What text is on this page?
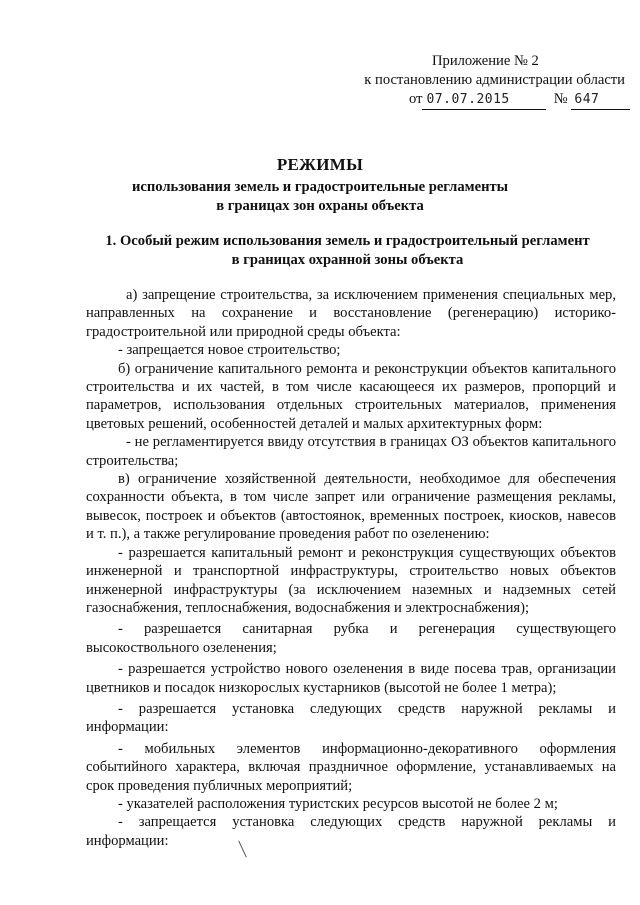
Приложение № 2
к постановлению администрации области
от 07.07.2015	№ 647
РЕЖИМЫ
использования земель и градостроительные регламенты
в границах зон охраны объекта
1. Особый режим использования земель и градостроительный регламент
в границах охранной зоны объекта

а) запрещение строительства, за исключением применения специальных мер, направленных на сохранение и восстановление (регенерацию) историко-градостроительной или природной среды объекта:

- запрещается новое строительство;

б) ограничение капитального ремонта и реконструкции объектов капитального строительства и их частей, в том числе касающееся их размеров, пропорций и параметров, использования отдельных строительных материалов, применения цветовых решений, особенностей деталей и малых архитектурных форм:

- не регламентируется ввиду отсутствия в границах ОЗ объектов капитального строительства;

в) ограничение хозяйственной деятельности, необходимое для обеспечения сохранности объекта, в том числе запрет или ограничение размещения рекламы, вывесок, построек и объектов (автостоянок, временных построек, киосков, навесов и т. п.), а также регулирование проведения работ по озеленению:

- разрешается капитальный ремонт и реконструкция существующих объектов инженерной и транспортной инфраструктуры, строительство новых объектов инженерной инфраструктуры (за исключением наземных и надземных сетей газоснабжения, теплоснабжения, водоснабжения и электроснабжения);

- разрешается санитарная рубка и регенерация существующего высокоствольного озеленения;

- разрешается устройство нового озеленения в виде посева трав, организации цветников и посадок низкорослых кустарников (высотой не более 1 метра);

- разрешается установка следующих средств наружной рекламы и информации:

- мобильных элементов информационно-декоративного оформления событийного характера, включая праздничное оформление, устанавливаемых на срок проведения публичных мероприятий;

- указателей расположения туристских ресурсов высотой не более 2 м;

- запрещается установка следующих средств наружной рекламы и информации:
